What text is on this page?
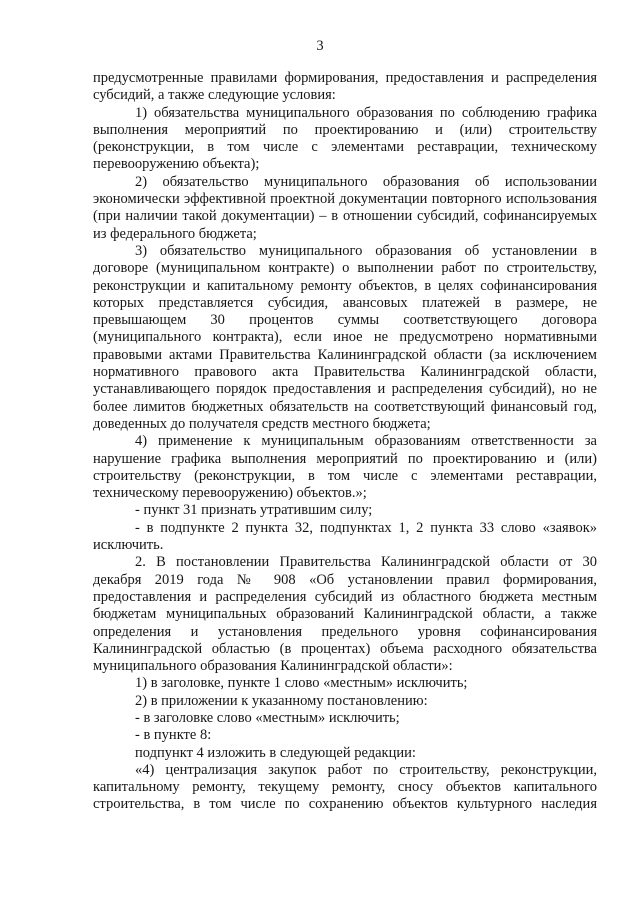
3

предусмотренные правилами формирования, предоставления и распределения субсидий, а также следующие условия:

1) обязательства муниципального образования по соблюдению графика выполнения мероприятий по проектированию и (или) строительству (реконструкции, в том числе с элементами реставрации, техническому перевооружению объекта);

2) обязательство муниципального образования об использовании экономически эффективной проектной документации повторного использования (при наличии такой документации) – в отношении субсидий, софинансируемых из федерального бюджета;

3) обязательство муниципального образования об установлении в договоре (муниципальном контракте) о выполнении работ по строительству, реконструкции и капитальному ремонту объектов, в целях софинансирования которых представляется субсидия, авансовых платежей в размере, не превышающем 30 процентов суммы соответствующего договора (муниципального контракта), если иное не предусмотрено нормативными правовыми актами Правительства Калининградской области (за исключением нормативного правового акта Правительства Калининградской области, устанавливающего порядок предоставления и распределения субсидий), но не более лимитов бюджетных обязательств на соответствующий финансовый год, доведенных до получателя средств местного бюджета;

4) применение к муниципальным образованиям ответственности за нарушение графика выполнения мероприятий по проектированию и (или) строительству (реконструкции, в том числе с элементами реставрации, техническому перевооружению) объектов.»;

- пункт 31 признать утратившим силу;

- в подпункте 2 пункта 32, подпунктах 1, 2 пункта 33 слово «заявок» исключить.

2. В постановлении Правительства Калининградской области от 30 декабря 2019 года № 908 «Об установлении правил формирования, предоставления и распределения субсидий из областного бюджета местным бюджетам муниципальных образований Калининградской области, а также определения и установления предельного уровня софинансирования Калининградской областью (в процентах) объема расходного обязательства муниципального образования Калининградской области»:

1) в заголовке, пункте 1 слово «местным» исключить;

2) в приложении к указанному постановлению:

- в заголовке слово «местным» исключить;

- в пункте 8:

подпункт 4 изложить в следующей редакции:

«4) централизация закупок работ по строительству, реконструкции, капитальному ремонту, текущему ремонту, сносу объектов капитального строительства, в том числе по сохранению объектов культурного наследия
